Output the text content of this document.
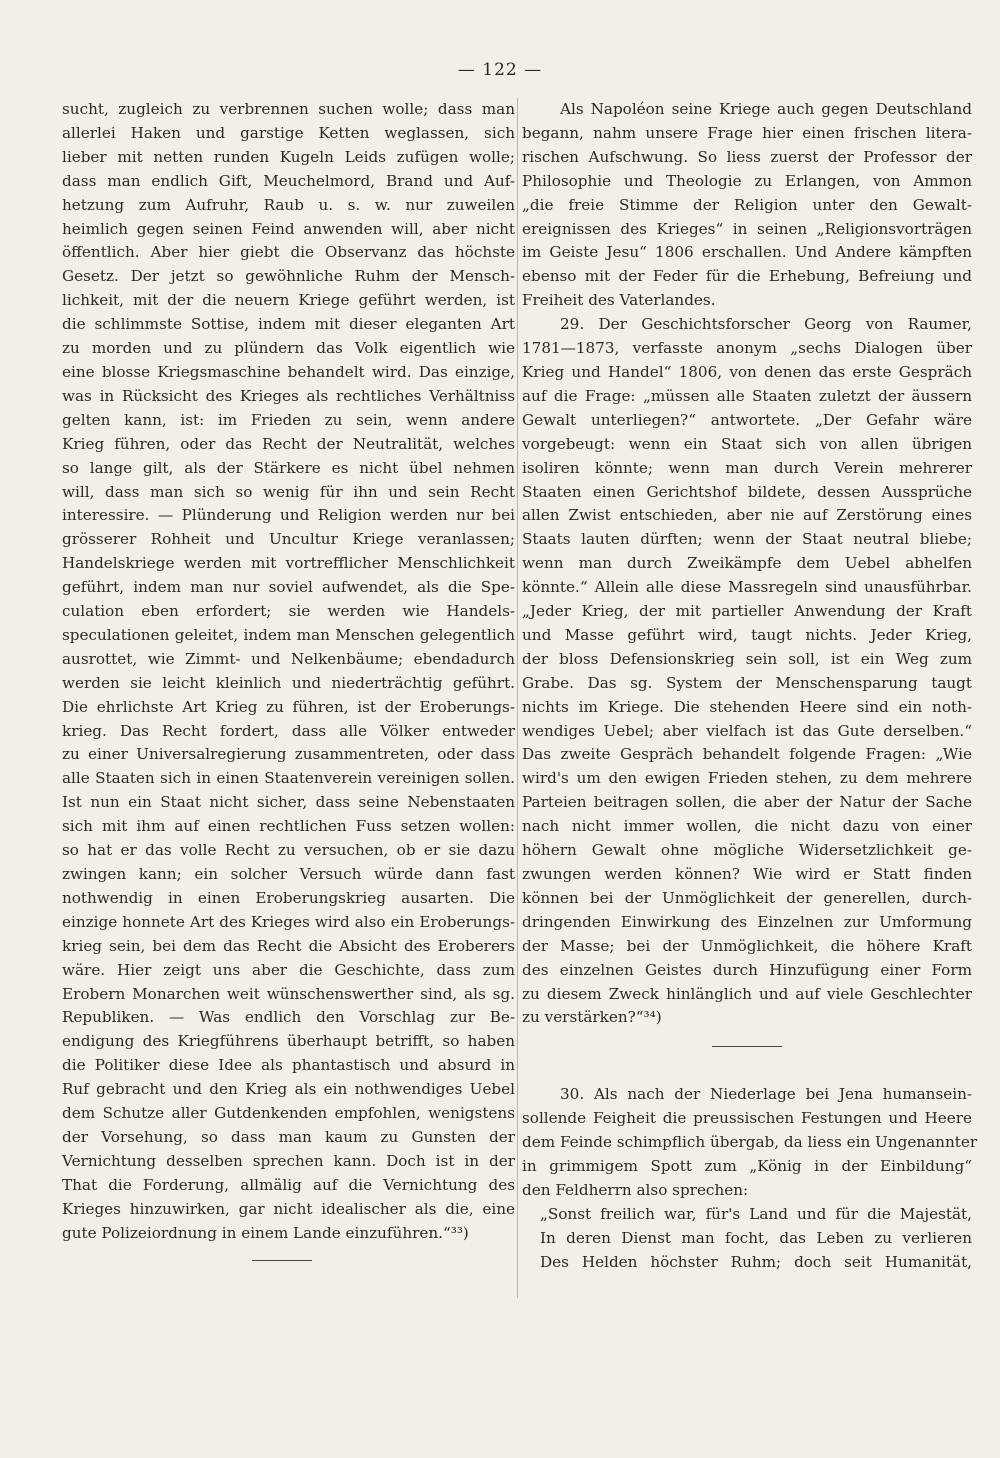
— 122 —
sucht, zugleich zu verbrennen suchen wolle; dass man
allerlei Haken und garstige Ketten weglassen, sich
lieber mit netten runden Kugeln Leids zufügen wolle;
dass man endlich Gift, Meuchelmord, Brand und Auf-
hetzung zum Aufruhr, Raub u. s. w. nur zuweilen
heimlich gegen seinen Feind anwenden will, aber nicht
öffentlich. Aber hier giebt die Observanz das höchste
Gesetz. Der jetzt so gewöhnliche Ruhm der Mensch-
lichkeit, mit der die neuern Kriege geführt werden, ist
die schlimmste Sottise, indem mit dieser eleganten Art
zu morden und zu plündern das Volk eigentlich wie
eine blosse Kriegsmaschine behandelt wird. Das einzige,
was in Rücksicht des Krieges als rechtliches Verhältniss
gelten kann, ist: im Frieden zu sein, wenn andere
Krieg führen, oder das Recht der Neutralität, welches
so lange gilt, als der Stärkere es nicht übel nehmen
will, dass man sich so wenig für ihn und sein Recht
interessire. — Plünderung und Religion werden nur bei
grösserer Rohheit und Uncultur Kriege veranlassen;
Handelskriege werden mit vortrefflicher Menschlichkeit
geführt, indem man nur soviel aufwendet, als die Spe-
culation eben erfordert; sie werden wie Handels-
speculationen geleitet, indem man Menschen gelegentlich
ausrottet, wie Zimmt- und Nelkenbäume; ebendadurch
werden sie leicht kleinlich und niederträchtig geführt.
Die ehrlichste Art Krieg zu führen, ist der Eroberungs-
krieg. Das Recht fordert, dass alle Völker entweder
zu einer Universalregierung zusammentreten, oder dass
alle Staaten sich in einen Staatenverein vereinigen sollen.
Ist nun ein Staat nicht sicher, dass seine Nebenstaaten
sich mit ihm auf einen rechtlichen Fuss setzen wollen:
so hat er das volle Recht zu versuchen, ob er sie dazu
zwingen kann; ein solcher Versuch würde dann fast
nothwendig in einen Eroberungskrieg ausarten. Die
einzige honnete Art des Krieges wird also ein Eroberungs-
krieg sein, bei dem das Recht die Absicht des Eroberers
wäre. Hier zeigt uns aber die Geschichte, dass zum
Erobern Monarchen weit wünschenswerther sind, als sg.
Republiken. — Was endlich den Vorschlag zur Be-
endigung des Kriegführens überhaupt betrifft, so haben
die Politiker diese Idee als phantastisch und absurd in
Ruf gebracht und den Krieg als ein nothwendiges Uebel
dem Schutze aller Gutdenkenden empfohlen, wenigstens
der Vorsehung, so dass man kaum zu Gunsten der
Vernichtung desselben sprechen kann. Doch ist in der
That die Forderung, allmälig auf die Vernichtung des
Krieges hinzuwirken, gar nicht idealischer als die, eine
gute Polizeiordnung in einem Lande einzuführen.“³³)
Als Napoléon seine Kriege auch gegen Deutschland
begann, nahm unsere Frage hier einen frischen litera-
rischen Aufschwung. So liess zuerst der Professor der
Philosophie und Theologie zu Erlangen, von Ammon
„die freie Stimme der Religion unter den Gewalt-
ereignissen des Krieges“ in seinen „Religionsvorträgen
im Geiste Jesu“ 1806 erschallen. Und Andere kämpften
ebenso mit der Feder für die Erhebung, Befreiung und
Freiheit des Vaterlandes.
29. Der Geschichtsforscher Georg von Raumer,
1781—1873, verfasste anonym „sechs Dialogen über
Krieg und Handel“ 1806, von denen das erste Gespräch
auf die Frage: „müssen alle Staaten zuletzt der äussern
Gewalt unterliegen?“ antwortete. „Der Gefahr wäre
vorgebeugt: wenn ein Staat sich von allen übrigen
isoliren könnte; wenn man durch Verein mehrerer
Staaten einen Gerichtshof bildete, dessen Aussprüche
allen Zwist entschieden, aber nie auf Zerstörung eines
Staats lauten dürften; wenn der Staat neutral bliebe;
wenn man durch Zweikämpfe dem Uebel abhelfen
könnte.“ Allein alle diese Massregeln sind unausführbar.
„Jeder Krieg, der mit partieller Anwendung der Kraft
und Masse geführt wird, taugt nichts. Jeder Krieg,
der bloss Defensionskrieg sein soll, ist ein Weg zum
Grabe. Das sg. System der Menschensparung taugt
nichts im Kriege. Die stehenden Heere sind ein noth-
wendiges Uebel; aber vielfach ist das Gute derselben.“
Das zweite Gespräch behandelt folgende Fragen: „Wie
wird's um den ewigen Frieden stehen, zu dem mehrere
Parteien beitragen sollen, die aber der Natur der Sache
nach nicht immer wollen, die nicht dazu von einer
höhern Gewalt ohne mögliche Widersetzlichkeit ge-
zwungen werden können? Wie wird er Statt finden
können bei der Unmöglichkeit der generellen, durch-
dringenden Einwirkung des Einzelnen zur Umformung
der Masse; bei der Unmöglichkeit, die höhere Kraft
des einzelnen Geistes durch Hinzufügung einer Form
zu diesem Zweck hinlänglich und auf viele Geschlechter
zu verstärken?“³⁴)
30. Als nach der Niederlage bei Jena humansein-
sollende Feigheit die preussischen Festungen und Heere
dem Feinde schimpflich übergab, da liess ein Ungenannter
in grimmigem Spott zum „König in der Einbildung“
den Feldherrn also sprechen:
„Sonst freilich war, für's Land und für die Majestät,
In deren Dienst man focht, das Leben zu verlieren
Des Helden höchster Ruhm; doch seit Humanität,
